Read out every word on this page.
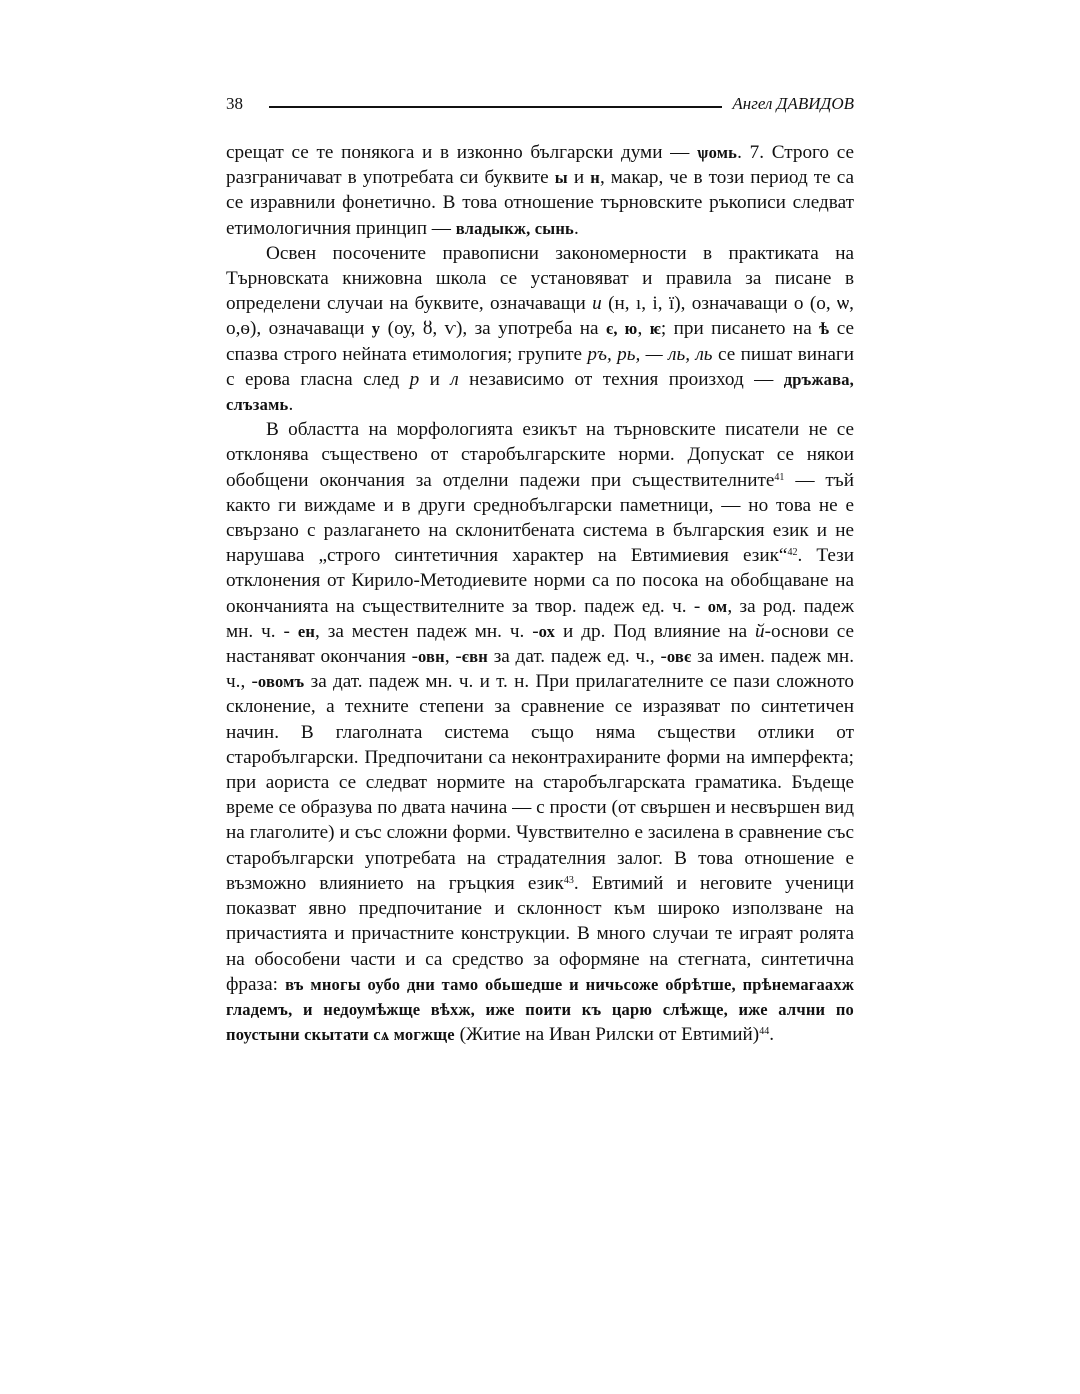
38	Ангел ДАВИДОВ

срещат се те понякога и в изконно български думи — ѱомь. 7. Строго се разграничават в употребата си буквите ы и н, макар, че в този период те са се изравнили фонетично. В това отношение търновските ръкописи следват етимологичния принцип — владыкж, сынь.

Освен посочените правописни закономерности в практиката на Търновската книжовна школа се установяват и правила за писане в определени случаи на буквите, означаващи и (н, ı, і, ї), означаващи о (о, ѡ, о,ѳ), означаващи у (оу, ȣ, ѵ), за употреба на є, ю, ѥ; при писането на ѣ се спазва строго нейната етимология; групите ръ, рь, — ль, ль се пишат винаги с ерова гласна след р и л независимо от техния произход — дръжава, слъзамь.

В областта на морфологията езикът на търновските писатели не се отклонява съществено от старобългарските норми. Допускат се някои обобщени окончания за отделни падежи при съществителните$^{41}$ — тъй както ги виждаме и в други среднобългарски паметници, — но това не е свързано с разлагането на склонитбената система в българския език и не нарушава „строго синтетичния характер на Евтимиевия език“$^{42}$. Тези отклонения от Кирило-Методиевите норми са по посока на обобщаване на окончанията на съществителните за твор. падеж ед. ч. - ом, за род. падеж мн. ч. - ен, за местен падеж мн. ч. -ох и др. Под влияние на й-основи се настаняват окончания -овн, -євн за дат. падеж ед. ч., -овє за имен. падеж мн. ч., -овомъ за дат. падеж мн. ч. и т. н. При прилагателните се пази сложното склонение, а техните степени за сравнение се изразяват по синтетичен начин. В глаголната система също няма съществи отлики от старобългарски. Предпочитани са неконтрахираните форми на имперфекта; при аориста се следват нормите на старобългарската граматика. Бъдеще време се образува по двата начина — с прости (от свършен и несвършен вид на глаголите) и със сложни форми. Чувствително е засилена в сравнение със старобългарски употребата на страдателния залог. В това отношение е възможно влиянието на гръцкия език$^{43}$. Евтимий и неговите ученици показват явно предпочитание и склонност към широко използване на причастията и причастните конструкции. В много случаи те играят ролята на обособени части и са средство за оформяне на стегната, синтетична фраза: въ многы оубо дни тамо обьшедше и ничьсоже обрѣтше, прѣнемагаахж гладемъ, и недоумѣжще вѣхж, иже поити къ царю слѣжще, иже алчни по поустыни скытати сѧ могжще (Житие на Иван Рилски от Евтимий)$^{44}$.
